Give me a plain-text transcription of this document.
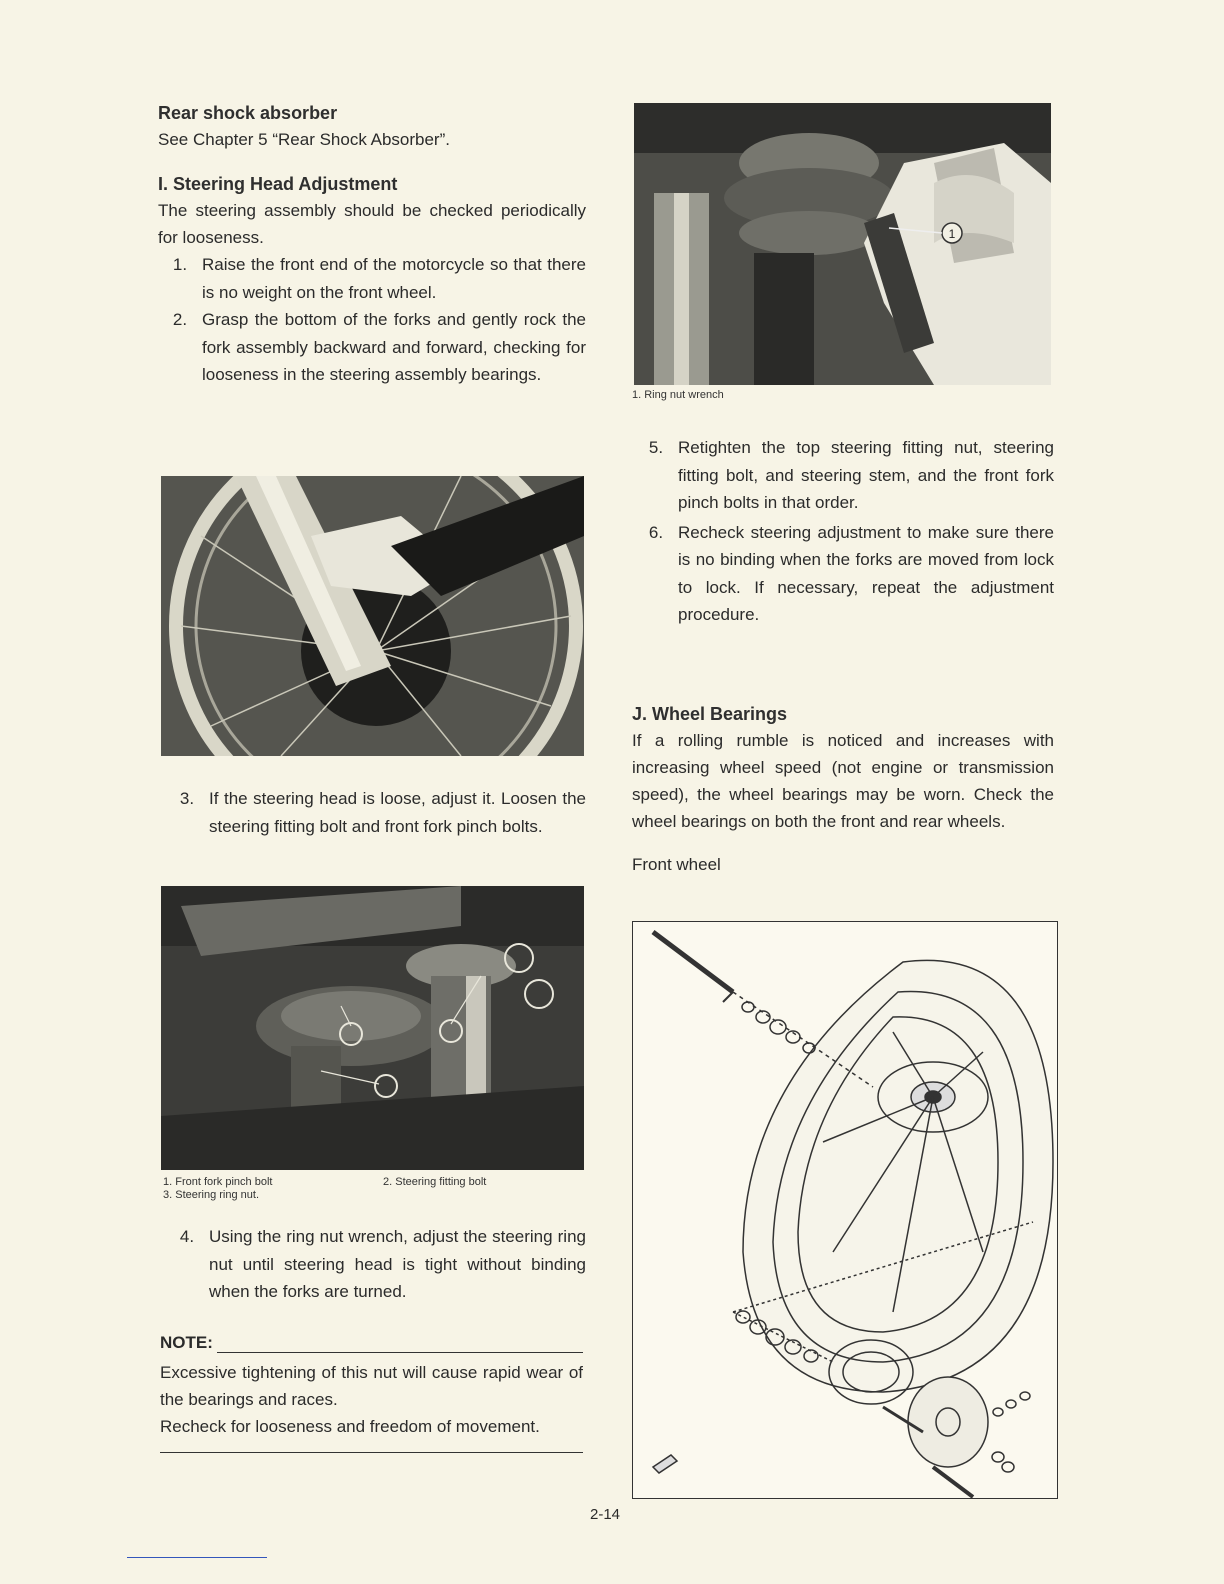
Rear shock absorber

See Chapter 5 “Rear Shock Absorber”.

I. Steering Head Adjustment

The steering assembly should be checked periodically for looseness.

1. Raise the front end of the motorcycle so that there is no weight on the front wheel.
2. Grasp the bottom of the forks and gently rock the fork assembly backward and forward, checking for looseness in the steering assembly bearings.
3. If the steering head is loose, adjust it. Loosen the steering fitting bolt and front fork pinch bolts.
1. Front fork pinch bolt	2. Steering fitting bolt
3. Steering ring nut.
4. Using the ring nut wrench, adjust the steering ring nut until steering head is tight without binding when the forks are turned.
NOTE:

Excessive tightening of this nut will cause rapid wear of the bearings and races.

Recheck for looseness and freedom of movement.

1
1. Ring nut wrench
5. Retighten the top steering fitting nut, steering fitting bolt, and steering stem, and the front fork pinch bolts in that order.
6. Recheck steering adjustment to make sure there is no binding when the forks are moved from lock to lock. If necessary, repeat the adjustment procedure.
J. Wheel Bearings

If a rolling rumble is noticed and increases with increasing wheel speed (not engine or transmission speed), the wheel bearings may be worn. Check the wheel bearings on both the front and rear wheels.

Front wheel

2-14
